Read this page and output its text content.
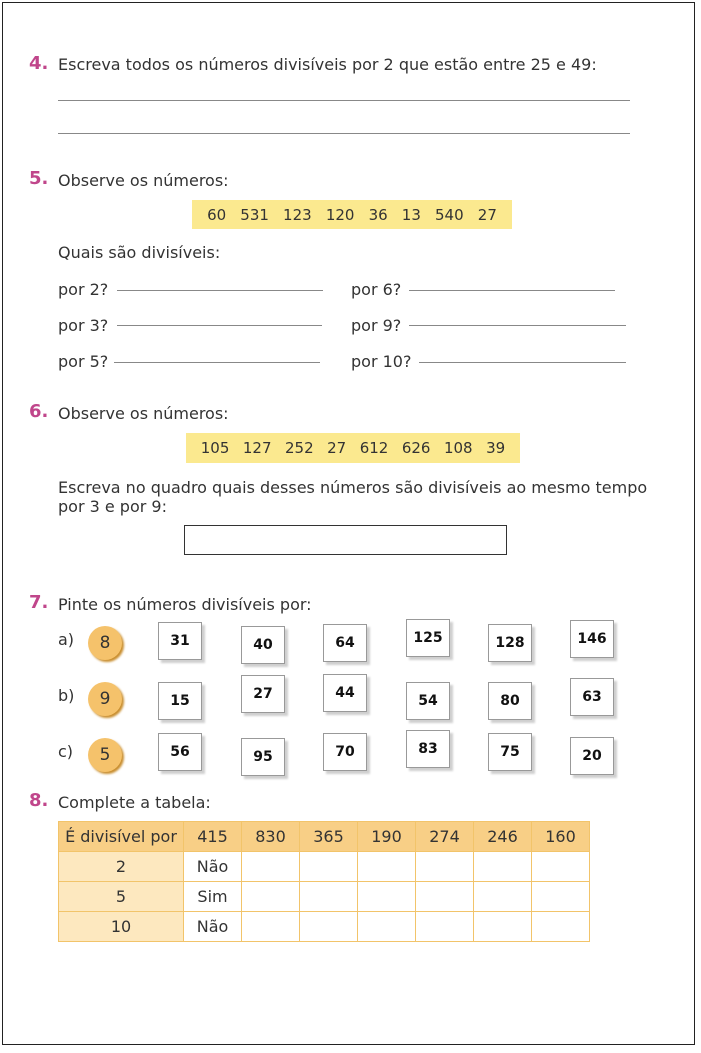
4. Escreva todos os números divisíveis por 2 que estão entre 25 e 49:
5. Observe os números:
60 531 123 120 36 13 540 27
Quais são divisíveis:
por 2?
por 3?
por 5?
por 6?
por 9?
por 10?
6. Observe os números:
105 127 252 27 612 626 108 39
Escreva no quadro quais desses números são divisíveis ao mesmo tempo
por 3 e por 9:
7. Pinte os números divisíveis por:
8. Complete a tabela:
É divisível por	415	830	365	190	274	246	160
2	Não						
5	Sim						
10	Não						
a)	8	31	40	64	125	128	146
b)	9	15	27	44	54	80	63
c)	5	56	95	70	83	75	20
